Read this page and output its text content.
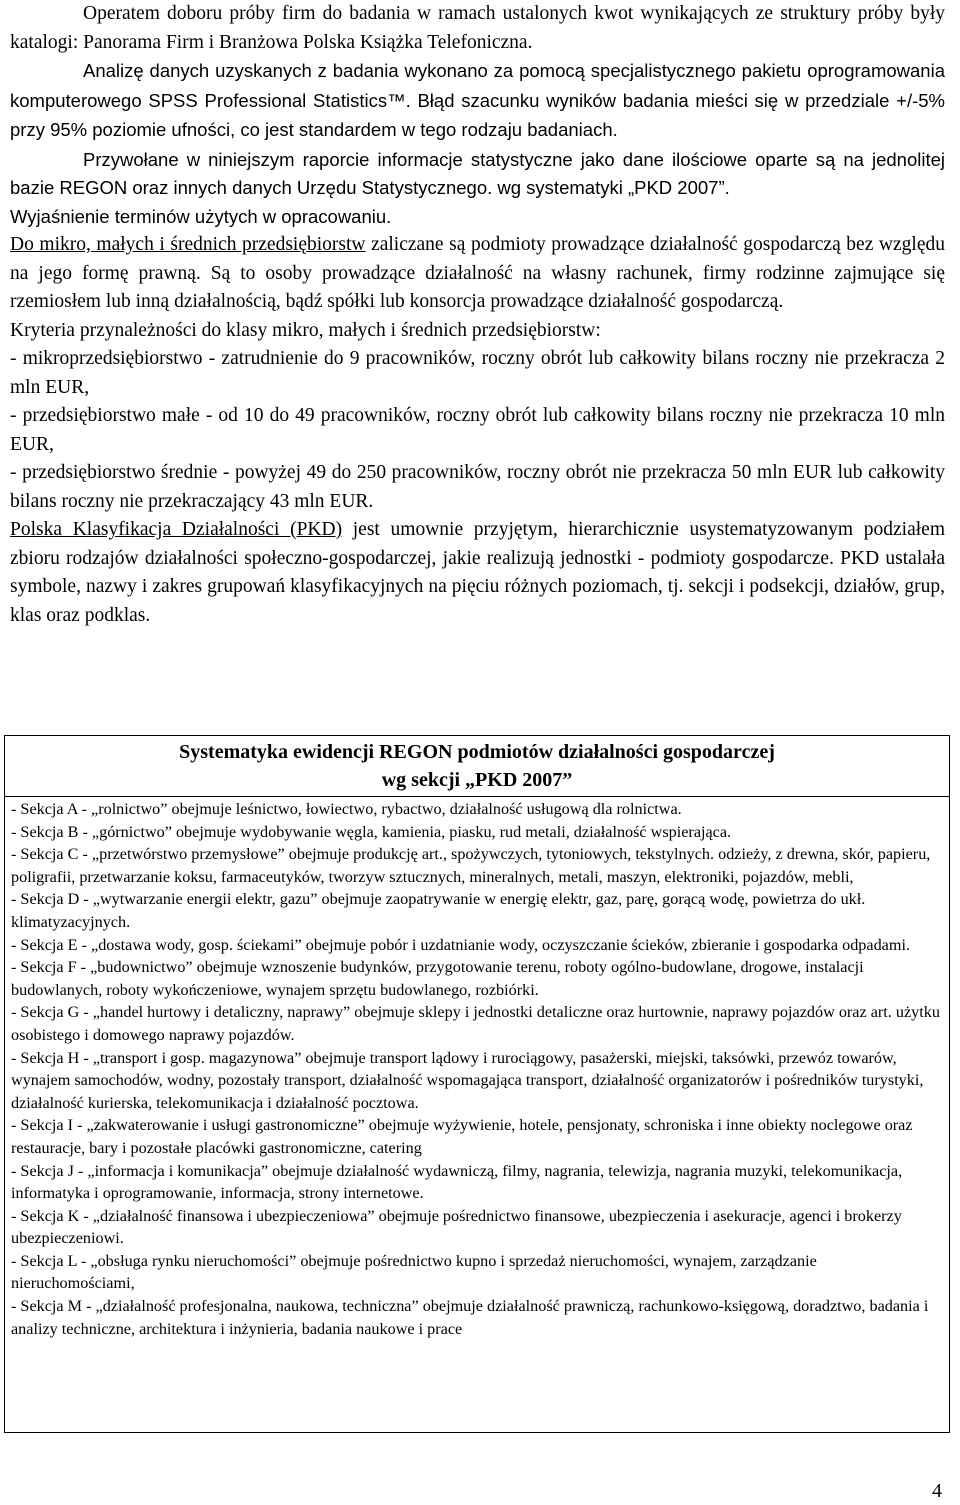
Operatem doboru próby firm do badania w ramach ustalonych kwot wynikających ze struktury próby były katalogi: Panorama Firm i Branżowa Polska Książka Telefoniczna.

Analizę danych uzyskanych z badania wykonano za pomocą specjalistycznego pakietu oprogramowania komputerowego SPSS Professional Statistics™. Błąd szacunku wyników badania mieści się w przedziale +/-5% przy 95% poziomie ufności, co jest standardem w tego rodzaju badaniach.

Przywołane w niniejszym raporcie informacje statystyczne jako dane ilościowe oparte są na jednolitej bazie REGON oraz innych danych Urzędu Statystycznego. wg systematyki „PKD 2007”.

Wyjaśnienie terminów użytych w opracowaniu.

Do mikro, małych i średnich przedsiębiorstw zaliczane są podmioty prowadzące działalność gospodarczą bez względu na jego formę prawną. Są to osoby prowadzące działalność na własny rachunek, firmy rodzinne zajmujące się rzemiosłem lub inną działalnością, bądź spółki lub konsorcja prowadzące działalność gospodarczą.

Kryteria przynależności do klasy mikro, małych i średnich przedsiębiorstw:

- mikroprzedsiębiorstwo - zatrudnienie do 9 pracowników, roczny obrót lub całkowity bilans roczny nie przekracza 2 mln EUR,

- przedsiębiorstwo małe - od 10 do 49 pracowników, roczny obrót lub całkowity bilans roczny nie przekracza 10 mln EUR,

- przedsiębiorstwo średnie - powyżej 49 do 250 pracowników, roczny obrót nie przekracza 50 mln EUR lub całkowity bilans roczny nie przekraczający 43 mln EUR.

Polska Klasyfikacja Działalności (PKD) jest umownie przyjętym, hierarchicznie usystematyzowanym podziałem zbioru rodzajów działalności społeczno-gospodarczej, jakie realizują jednostki - podmioty gospodarcze. PKD ustalała symbole, nazwy i zakres grupowań klasyfikacyjnych na pięciu różnych poziomach, tj. sekcji i podsekcji, działów, grup, klas oraz podklas.

Systematyka ewidencji REGON podmiotów działalności gospodarczej
wg sekcji „PKD 2007”

- Sekcja A - „rolnictwo” obejmuje leśnictwo, łowiectwo, rybactwo, działalność usługową dla rolnictwa.

- Sekcja B - „górnictwo” obejmuje wydobywanie węgla, kamienia, piasku, rud metali, działalność wspierająca.

- Sekcja C - „przetwórstwo przemysłowe” obejmuje produkcję art., spożywczych, tytoniowych, tekstylnych. odzieży, z drewna, skór, papieru, poligrafii, przetwarzanie koksu, farmaceutyków, tworzyw sztucznych, mineralnych, metali, maszyn, elektroniki, pojazdów, mebli,

- Sekcja D - „wytwarzanie energii elektr, gazu” obejmuje zaopatrywanie w energię elektr, gaz, parę, gorącą wodę, powietrza do ukł. klimatyzacyjnych.

- Sekcja E - „dostawa wody, gosp. ściekami” obejmuje pobór i uzdatnianie wody, oczyszczanie ścieków, zbieranie i gospodarka odpadami.

- Sekcja F - „budownictwo” obejmuje wznoszenie budynków, przygotowanie terenu, roboty ogólno-budowlane, drogowe, instalacji budowlanych, roboty wykończeniowe, wynajem sprzętu budowlanego, rozbiórki.

- Sekcja G - „handel hurtowy i detaliczny, naprawy” obejmuje sklepy i jednostki detaliczne oraz hurtownie, naprawy pojazdów oraz art. użytku osobistego i domowego naprawy pojazdów.

- Sekcja H - „transport i gosp. magazynowa” obejmuje transport lądowy i rurociągowy, pasażerski, miejski, taksówki, przewóz towarów, wynajem samochodów, wodny, pozostały transport, działalność wspomagająca transport, działalność organizatorów i pośredników turystyki, działalność kurierska, telekomunikacja i działalność pocztowa.

- Sekcja I - „zakwaterowanie i usługi gastronomiczne” obejmuje wyżywienie, hotele, pensjonaty, schroniska i inne obiekty noclegowe oraz restauracje, bary i pozostałe placówki gastronomiczne, catering

- Sekcja J - „informacja i komunikacja” obejmuje działalność wydawniczą, filmy, nagrania, telewizja, nagrania muzyki, telekomunikacja, informatyka i oprogramowanie, informacja, strony internetowe.

- Sekcja K - „działalność finansowa i ubezpieczeniowa” obejmuje pośrednictwo finansowe, ubezpieczenia i asekuracje, agenci i brokerzy ubezpieczeniowi.

- Sekcja L - „obsługa rynku nieruchomości” obejmuje pośrednictwo kupno i sprzedaż nieruchomości, wynajem, zarządzanie nieruchomościami,

- Sekcja M - „działalność profesjonalna, naukowa, techniczna” obejmuje działalność prawniczą, rachunkowo-księgową, doradztwo, badania i analizy techniczne, architektura i inżynieria, badania naukowe i prace

4
